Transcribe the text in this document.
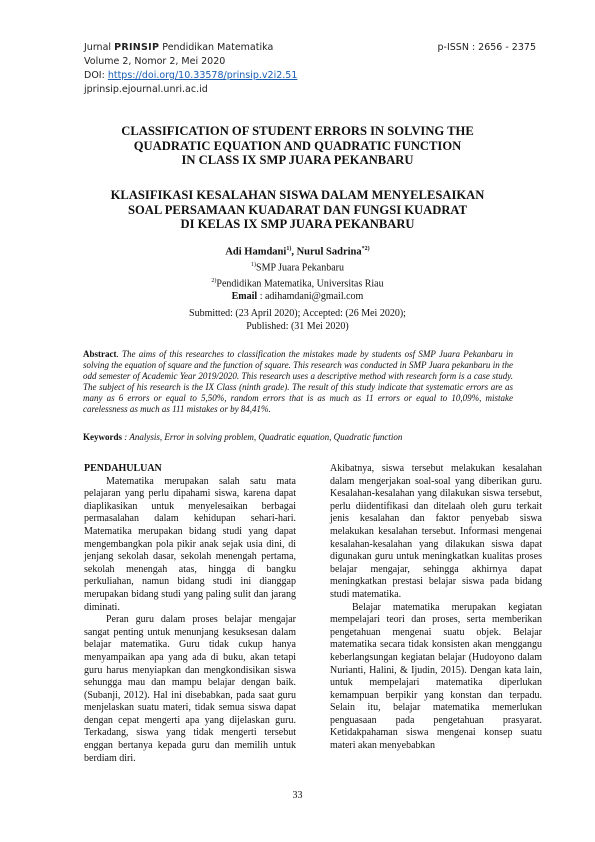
Jurnal PRINSIP Pendidikan Matematika	p-ISSN : 2656 - 2375
Volume 2, Nomor 2, Mei 2020
DOI: https://doi.org/10.33578/prinsip.v2i2.51
jprinsip.ejournal.unri.ac.id
CLASSIFICATION OF STUDENT ERRORS IN SOLVING THE
QUADRATIC EQUATION AND QUADRATIC FUNCTION
IN CLASS IX SMP JUARA PEKANBARU
KLASIFIKASI KESALAHAN SISWA DALAM MENYELESAIKAN
SOAL PERSAMAAN KUADARAT DAN FUNGSI KUADRAT
DI KELAS IX SMP JUARA PEKANBARU
Adi Hamdani$^{1)}$, Nurul Sadrina$^{*2)}$
$^{1)}$SMP Juara Pekanbaru
$^{2)}$Pendidikan Matematika, Universitas Riau
Email : adihamdani@gmail.com
Submitted: (23 April 2020); Accepted: (26 Mei 2020);
Published: (31 Mei 2020)
Abstract. The aims of this researches to classification the mistakes made by students osf SMP Juara Pekanbaru in solving the equation of square and the function of square. This research was conducted in SMP Juara pekanbaru in the odd semester of Academic Year 2019/2020. This research uses a descriptive method with research form is a case study. The subject of his research is the IX Class (ninth grade). The result of this study indicate that systematic errors are as many as 6 errors or equal to 5,50%, random errors that is as much as 11 errors or equal to 10,09%, mistake carelessness as much as 111 mistakes or by 84,41%.
Keywords : Analysis, Error in solving problem, Quadratic equation, Quadratic function
PENDAHULUAN

Matematika merupakan salah satu mata pelajaran yang perlu dipahami siswa, karena dapat diaplikasikan untuk menyelesaikan berbagai permasalahan dalam kehidupan sehari-hari. Matematika merupakan bidang studi yang dapat mengembangkan pola pikir anak sejak usia dini, di jenjang sekolah dasar, sekolah menengah pertama, sekolah menengah atas, hingga di bangku perkuliahan, namun bidang studi ini dianggap merupakan bidang studi yang paling sulit dan jarang diminati.

Peran guru dalam proses belajar mengajar sangat penting untuk menunjang kesuksesan dalam belajar matematika. Guru tidak cukup hanya menyampaikan apa yang ada di buku, akan tetapi guru harus menyiapkan dan mengkondisikan siswa sehungga mau dan mampu belajar dengan baik. (Subanji, 2012). Hal ini disebabkan, pada saat guru menjelaskan suatu materi, tidak semua siswa dapat dengan cepat mengerti apa yang dijelaskan guru. Terkadang, siswa yang tidak mengerti tersebut enggan bertanya kepada guru dan memilih untuk berdiam diri.

Akibatnya, siswa tersebut melakukan kesalahan dalam mengerjakan soal-soal yang diberikan guru. Kesalahan-kesalahan yang dilakukan siswa tersebut, perlu diidentifikasi dan ditelaah oleh guru terkait jenis kesalahan dan faktor penyebab siswa melakukan kesalahan tersebut. Informasi mengenai kesalahan-kesalahan yang dilakukan siswa dapat digunakan guru untuk meningkatkan kualitas proses belajar mengajar, sehingga akhirnya dapat meningkatkan prestasi belajar siswa pada bidang studi matematika.

Belajar matematika merupakan kegiatan mempelajari teori dan proses, serta memberikan pengetahuan mengenai suatu objek. Belajar matematika secara tidak konsisten akan menggangu keberlangsungan kegiatan belajar (Hudoyono dalam Nurianti, Halini, & Ijudin, 2015). Dengan kata lain, untuk mempelajari matematika diperlukan kemampuan berpikir yang konstan dan terpadu. Selain itu, belajar matematika memerlukan penguasaan pada pengetahuan prasyarat. Ketidakpahaman siswa mengenai konsep suatu materi akan menyebabkan

33
